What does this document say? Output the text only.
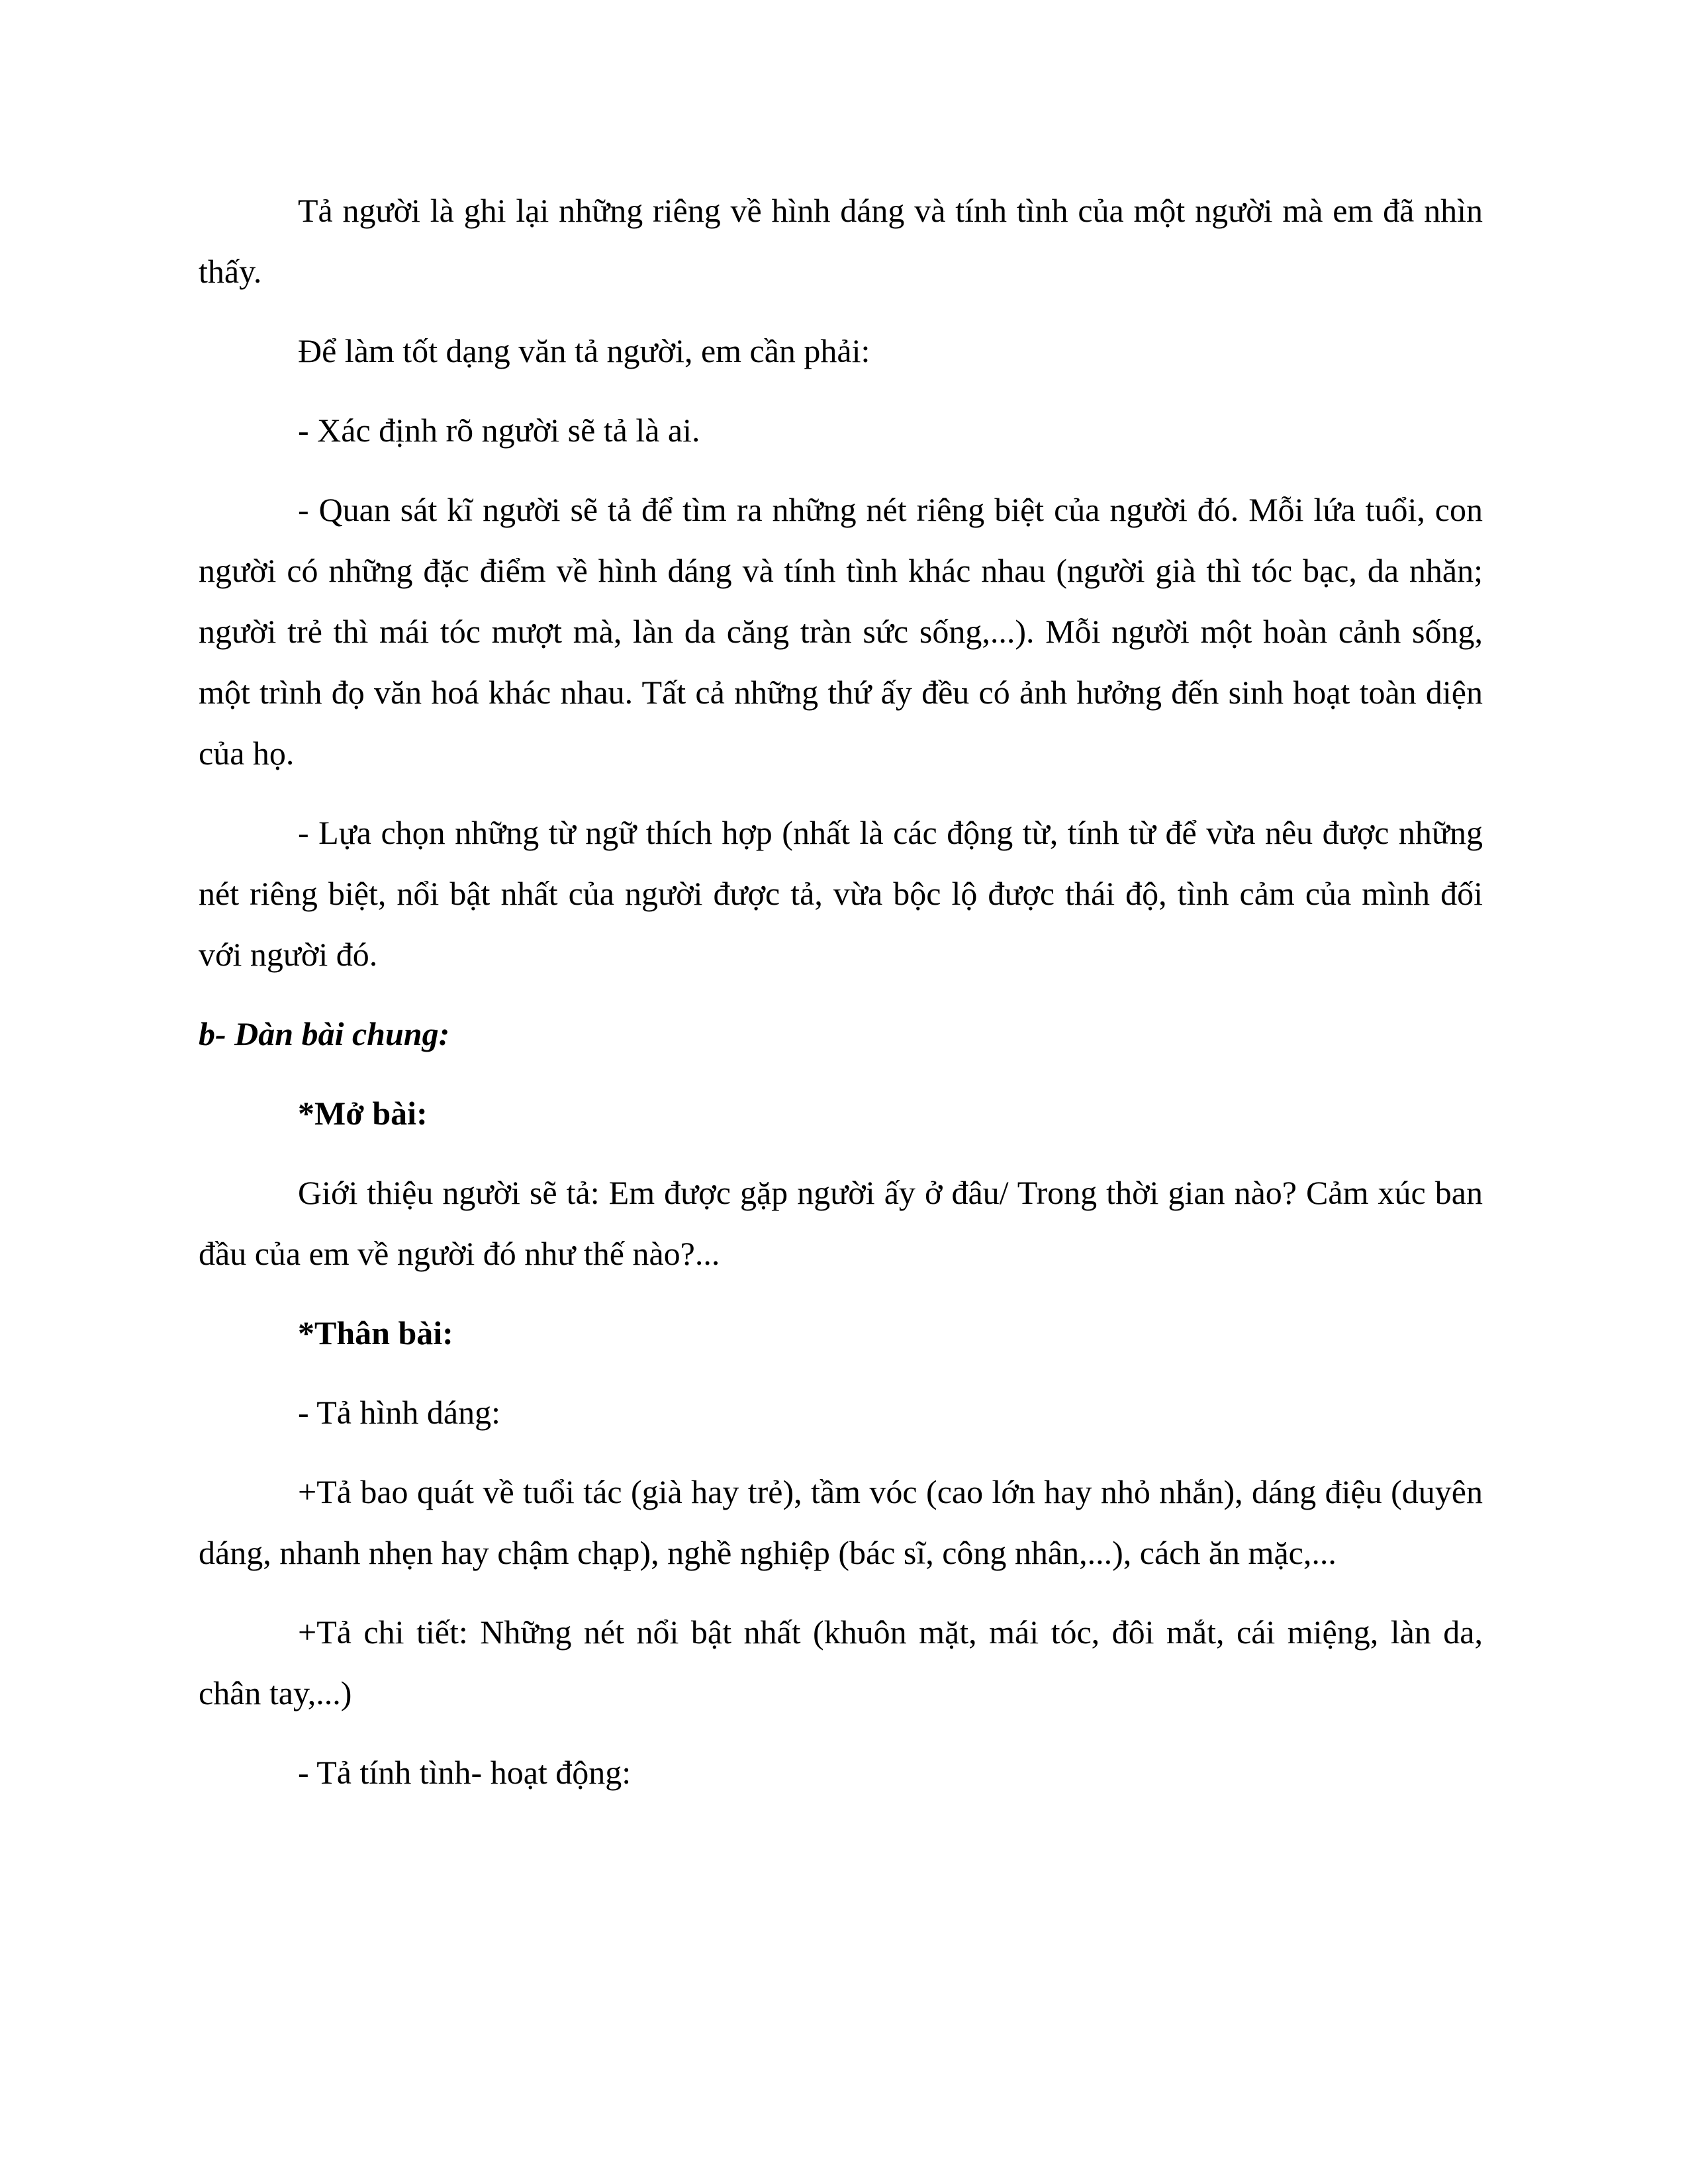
Tả người là ghi lại những riêng về hình dáng và tính tình của một người mà em đã nhìn thấy.

Để làm tốt dạng văn tả người, em cần phải:

- Xác định rõ người sẽ tả là ai.

- Quan sát kĩ người sẽ tả để tìm ra những nét riêng biệt của người đó. Mỗi lứa tuổi, con người có những đặc điểm về hình dáng và tính tình khác nhau (người già thì tóc bạc, da nhăn; người trẻ thì mái tóc mượt mà, làn da căng tràn sức sống,...). Mỗi người một hoàn cảnh sống, một trình đọ văn hoá khác nhau. Tất cả những thứ ấy đều có ảnh hưởng đến sinh hoạt toàn diện của họ.

- Lựa chọn những từ ngữ thích hợp (nhất là các động từ, tính từ để vừa nêu được những nét riêng biệt, nổi bật nhất của người được tả, vừa bộc lộ được thái độ, tình cảm của mình đối với người đó.

b- Dàn bài chung:

*Mở bài:

Giới thiệu người sẽ tả: Em được gặp người ấy ở đâu/ Trong thời gian nào? Cảm xúc ban đầu của em về người đó như thế nào?...

*Thân bài:

- Tả hình dáng:

+Tả bao quát về tuổi tác (già hay trẻ), tầm vóc (cao lớn hay nhỏ nhắn), dáng điệu (duyên dáng, nhanh nhẹn hay chậm chạp), nghề nghiệp (bác sĩ, công nhân,...), cách ăn mặc,...

+Tả chi tiết: Những nét nổi bật nhất (khuôn mặt, mái tóc, đôi mắt, cái miệng, làn da, chân tay,...)

- Tả tính tình- hoạt động:
